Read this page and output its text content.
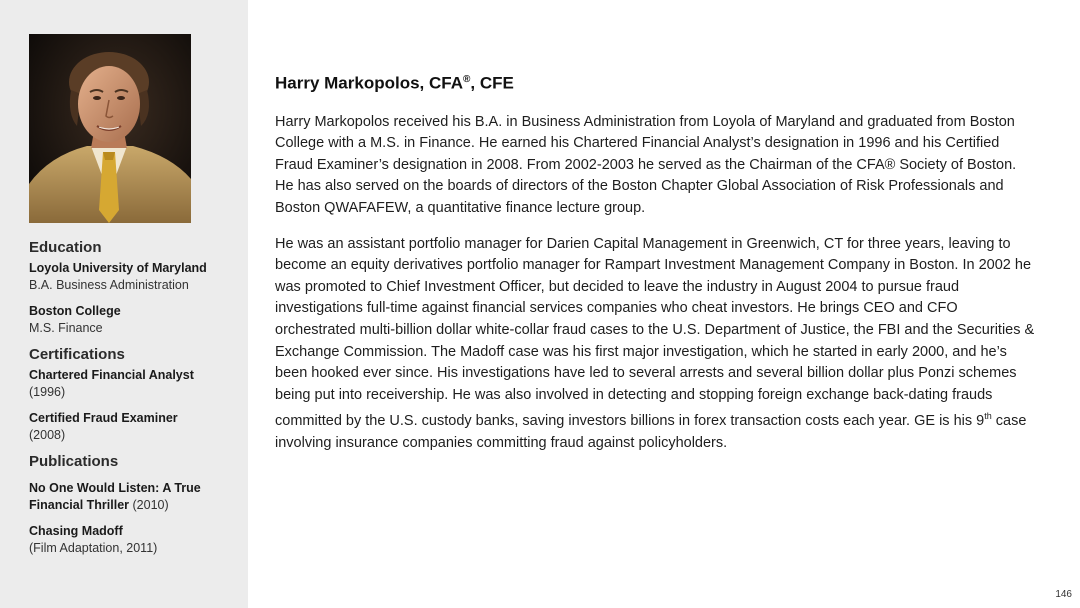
Education
Loyola University of Maryland
B.A. Business Administration
Boston College
M.S. Finance
Certifications
Chartered Financial Analyst
(1996)
Certified Fraud Examiner
(2008)
Publications
No One Would Listen: A True
Financial Thriller (2010)
Chasing Madoff
(Film Adaptation, 2011)
Harry Markopolos, CFA®, CFE

Harry Markopolos received his B.A. in Business Administration from Loyola of Maryland and graduated from Boston College with a M.S. in Finance. He earned his Chartered Financial Analyst’s designation in 1996 and his Certified Fraud Examiner’s designation in 2008. From 2002-2003 he served as the Chairman of the CFA® Society of Boston. He has also served on the boards of directors of the Boston Chapter Global Association of Risk Professionals and Boston QWAFAFEW, a quantitative finance lecture group.

He was an assistant portfolio manager for Darien Capital Management in Greenwich, CT for three years, leaving to become an equity derivatives portfolio manager for Rampart Investment Management Company in Boston. In 2002 he was promoted to Chief Investment Officer, but decided to leave the industry in August 2004 to pursue fraud investigations full-time against financial services companies who cheat investors. He brings CEO and CFO orchestrated multi-billion dollar white-collar fraud cases to the U.S. Department of Justice, the FBI and the Securities & Exchange Commission. The Madoff case was his first major investigation, which he started in early 2000, and he’s been hooked ever since. His investigations have led to several arrests and several billion dollar plus Ponzi schemes being put into receivership. He was also involved in detecting and stopping foreign exchange back-dating frauds committed by the U.S. custody banks, saving investors billions in forex transaction costs each year. GE is his 9th case involving insurance companies committing fraud against policyholders.

146
